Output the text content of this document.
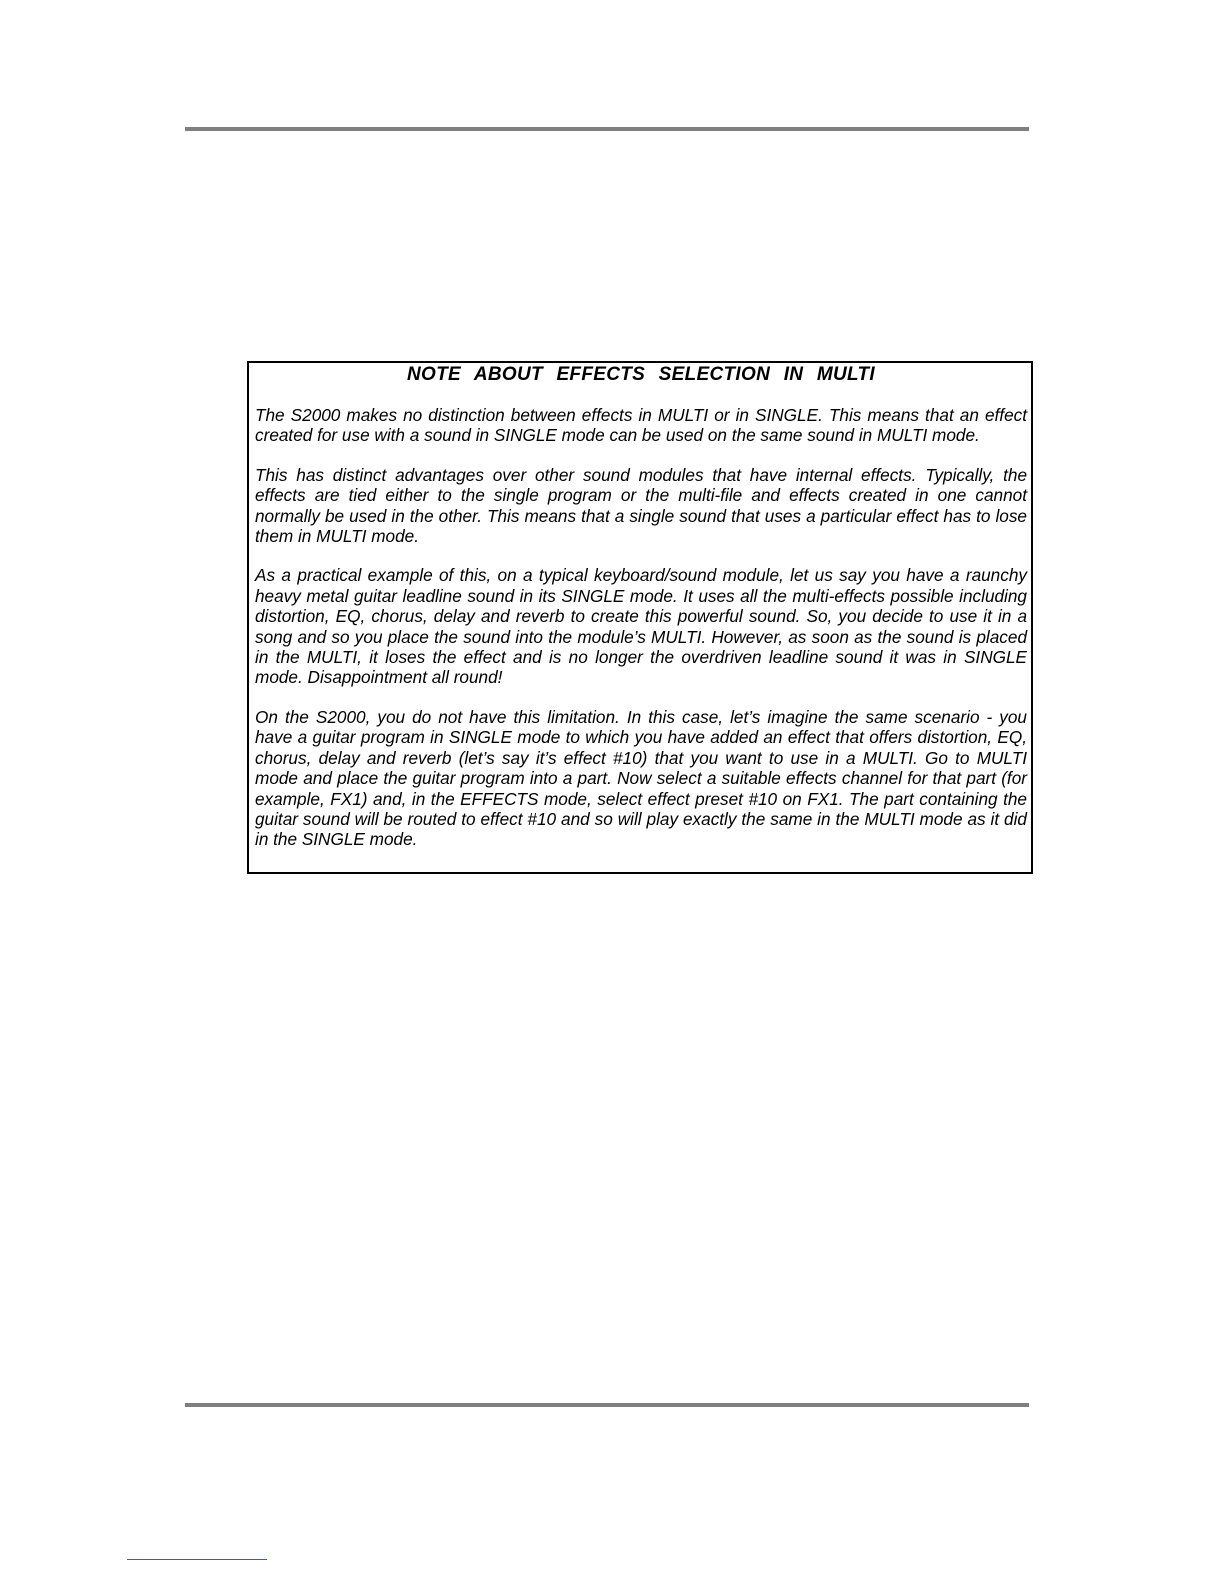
NOTE ABOUT EFFECTS SELECTION IN MULTI

The S2000 makes no distinction between effects in MULTI or in SINGLE. This means that an effect created for use with a sound in SINGLE mode can be used on the same sound in MULTI mode.

This has distinct advantages over other sound modules that have internal effects. Typically, the effects are tied either to the single program or the multi-file and effects created in one cannot normally be used in the other. This means that a single sound that uses a particular effect has to lose them in MULTI mode.

As a practical example of this, on a typical keyboard/sound module, let us say you have a raunchy heavy metal guitar leadline sound in its SINGLE mode. It uses all the multi-effects possible including distortion, EQ, chorus, delay and reverb to create this powerful sound. So, you decide to use it in a song and so you place the sound into the module’s MULTI. However, as soon as the sound is placed in the MULTI, it loses the effect and is no longer the overdriven leadline sound it was in SINGLE mode. Disappointment all round!

On the S2000, you do not have this limitation. In this case, let’s imagine the same scenario - you have a guitar program in SINGLE mode to which you have added an effect that offers distortion, EQ, chorus, delay and reverb (let’s say it’s effect #10) that you want to use in a MULTI. Go to MULTI mode and place the guitar program into a part. Now select a suitable effects channel for that part (for example, FX1) and, in the EFFECTS mode, select effect preset #10 on FX1. The part containing the guitar sound will be routed to effect #10 and so will play exactly the same in the MULTI mode as it did in the SINGLE mode.
